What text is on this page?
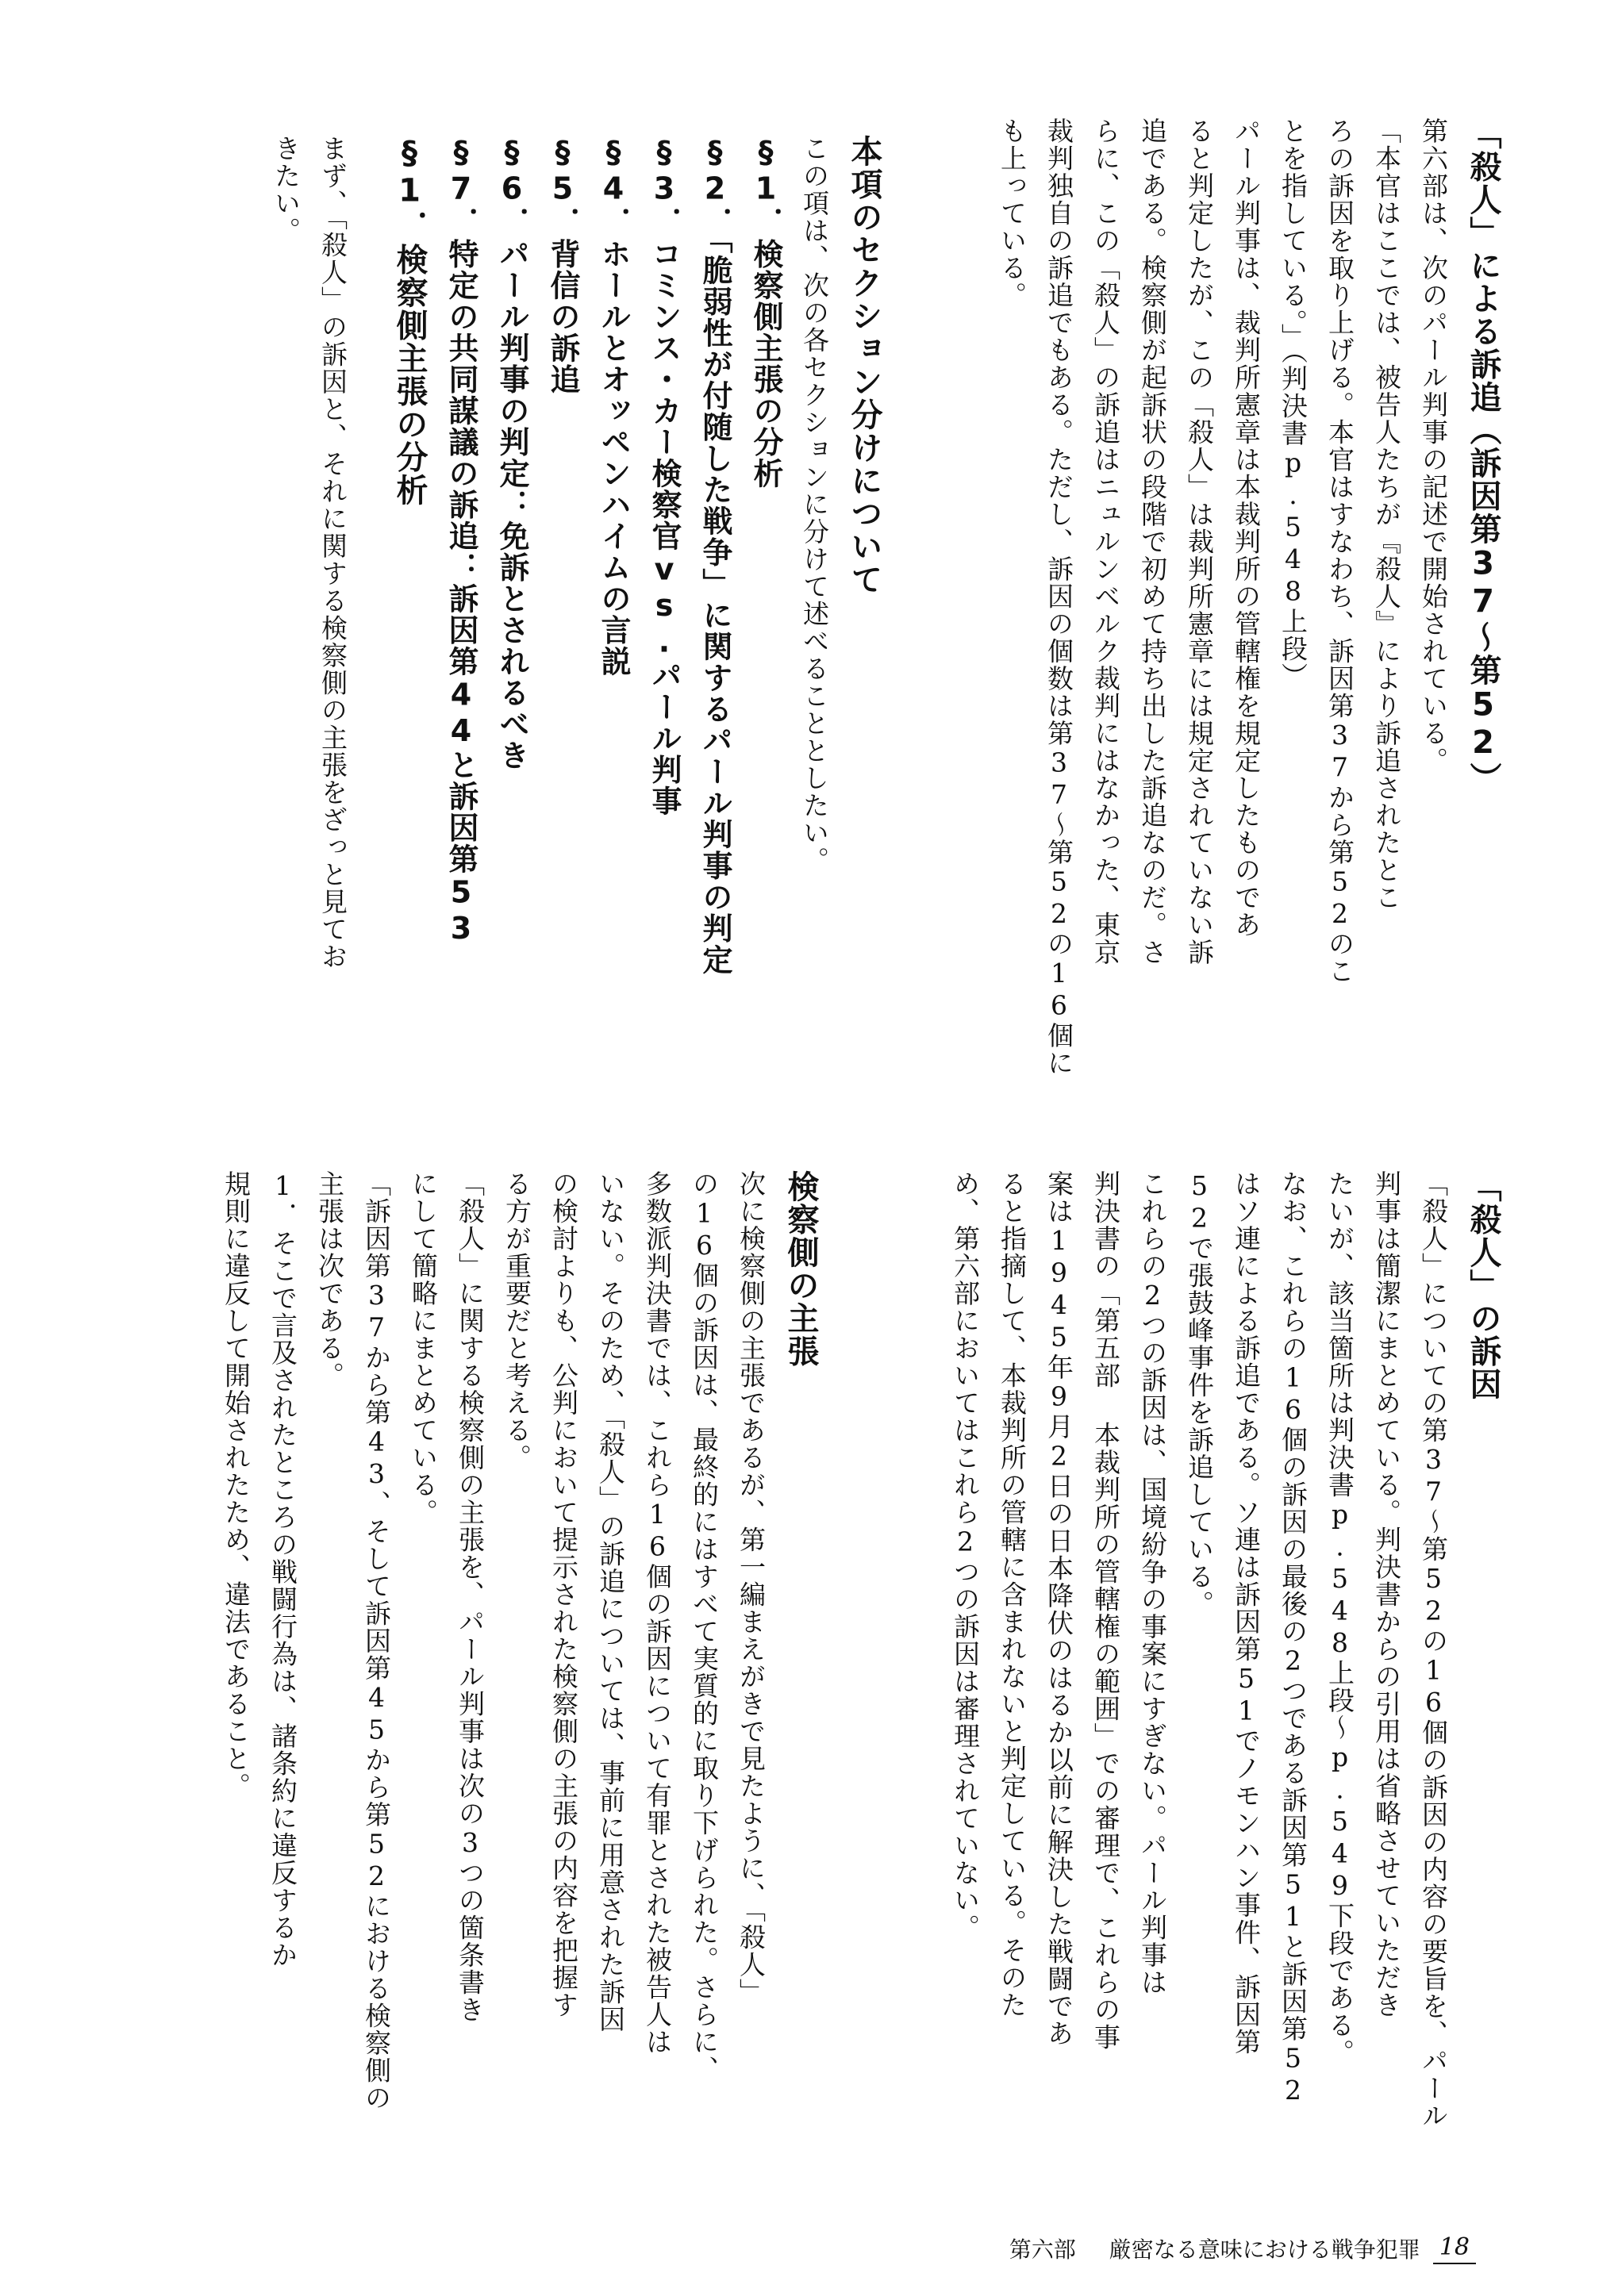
「殺人」による訴追（訴因第37～第52）
第六部は、次のパール判事の記述で開始されている。
「本官はここでは、被告人たちが『殺人』により訴追されたとこ
ろの訴因を取り上げる。本官はすなわち、訴因第37から第52のこ
とを指している。」（判決書p.548上段）
パール判事は、裁判所憲章は本裁判所の管轄権を規定したものであ
ると判定したが、この「殺人」は裁判所憲章には規定されていない訴
追である。検察側が起訴状の段階で初めて持ち出した訴追なのだ。さ
らに、この「殺人」の訴追はニュルンベルク裁判にはなかった、東京
裁判独自の訴追でもある。ただし、訴因の個数は第37～第52の16個に
も上っている。
本項のセクション分けについて
この項は、次の各セクションに分けて述べることとしたい。
§1．検察側主張の分析
§2．「脆弱性が付随した戦争」に関するパール判事の判定
§3．コミンス・カー検察官vs.パール判事
§4．ホールとオッペンハイムの言説
§5．背信の訴追
§6．パール判事の判定：免訴とされるべき
§7．特定の共同謀議の訴追：訴因第44と訴因第53
§1．検察側主張の分析
まず、「殺人」の訴因と、それに関する検察側の主張をざっと見てお
きたい。
「殺人」の訴因
「殺人」についての第37～第52の16個の訴因の内容の要旨を、パール
判事は簡潔にまとめている。判決書からの引用は省略させていただき
たいが、該当箇所は判決書p.548上段～p.549下段である。
なお、これらの16個の訴因の最後の2つである訴因第51と訴因第52
はソ連による訴追である。ソ連は訴因第51でノモンハン事件、訴因第
52で張鼓峰事件を訴追している。
これらの2つの訴因は、国境紛争の事案にすぎない。パール判事は
判決書の「第五部 本裁判所の管轄権の範囲」での審理で、これらの事
案は1945年9月2日の日本降伏のはるか以前に解決した戦闘であ
ると指摘して、本裁判所の管轄に含まれないと判定している。そのた
め、第六部においてはこれら2つの訴因は審理されていない。
検察側の主張
次に検察側の主張であるが、第一編まえがきで見たように、「殺人」
の16個の訴因は、最終的にはすべて実質的に取り下げられた。さらに、
多数派判決書では、これら16個の訴因について有罪とされた被告人は
いない。そのため、「殺人」の訴追については、事前に用意された訴因
の検討よりも、公判において提示された検察側の主張の内容を把握す
る方が重要だと考える。
「殺人」に関する検察側の主張を、パール判事は次の3つの箇条書き
にして簡略にまとめている。
「訴因第37から第43、そして訴因第45から第52における検察側の
主張は次である。
1．そこで言及されたところの戦闘行為は、諸条約に違反するか
規則に違反して開始されたため、違法であること。
第六部 厳密なる意味における戦争犯罪 18
